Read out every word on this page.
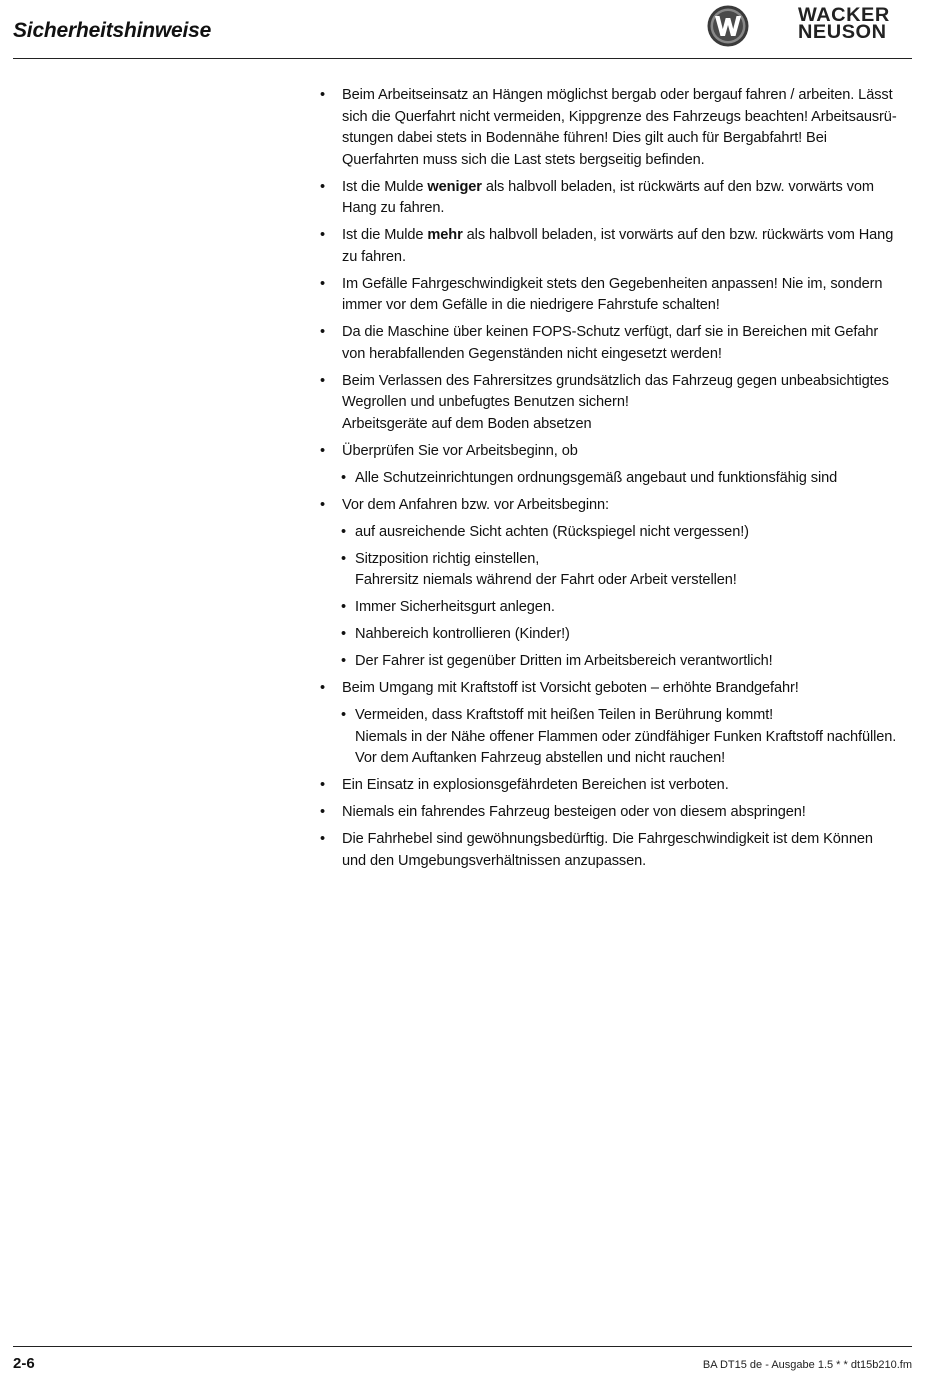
Sicherheitshinweise
WACKER
NEUSON
• Beim Arbeitseinsatz an Hängen möglichst bergab oder bergauf fahren / arbeiten. Lässt
sich die Querfahrt nicht vermeiden, Kippgrenze des Fahrzeugs beachten! Arbeitsausrü-
stungen dabei stets in Bodennähe führen! Dies gilt auch für Bergabfahrt! Bei
Querfahrten muss sich die Last stets bergseitig befinden.
• Ist die Mulde weniger als halbvoll beladen, ist rückwärts auf den bzw. vorwärts vom
Hang zu fahren.
• Ist die Mulde mehr als halbvoll beladen, ist vorwärts auf den bzw. rückwärts vom Hang
zu fahren.
• Im Gefälle Fahrgeschwindigkeit stets den Gegebenheiten anpassen! Nie im, sondern
immer vor dem Gefälle in die niedrigere Fahrstufe schalten!
• Da die Maschine über keinen FOPS-Schutz verfügt, darf sie in Bereichen mit Gefahr
von herabfallenden Gegenständen nicht eingesetzt werden!
• Beim Verlassen des Fahrersitzes grundsätzlich das Fahrzeug gegen unbeabsichtigtes
Wegrollen und unbefugtes Benutzen sichern!
Arbeitsgeräte auf dem Boden absetzen
• Überprüfen Sie vor Arbeitsbeginn, ob
• Alle Schutzeinrichtungen ordnungsgemäß angebaut und funktionsfähig sind
• Vor dem Anfahren bzw. vor Arbeitsbeginn:
• auf ausreichende Sicht achten (Rückspiegel nicht vergessen!)
• Sitzposition richtig einstellen,
Fahrersitz niemals während der Fahrt oder Arbeit verstellen!
• Immer Sicherheitsgurt anlegen.
• Nahbereich kontrollieren (Kinder!)
• Der Fahrer ist gegenüber Dritten im Arbeitsbereich verantwortlich!
• Beim Umgang mit Kraftstoff ist Vorsicht geboten – erhöhte Brandgefahr!
• Vermeiden, dass Kraftstoff mit heißen Teilen in Berührung kommt!
Niemals in der Nähe offener Flammen oder zündfähiger Funken Kraftstoff nachfüllen.
Vor dem Auftanken Fahrzeug abstellen und nicht rauchen!
• Ein Einsatz in explosionsgefährdeten Bereichen ist verboten.
• Niemals ein fahrendes Fahrzeug besteigen oder von diesem abspringen!
• Die Fahrhebel sind gewöhnungsbedürftig. Die Fahrgeschwindigkeit ist dem Können
und den Umgebungsverhältnissen anzupassen.
2-6	BA DT15 de - Ausgabe 1.5 * * dt15b210.fm
